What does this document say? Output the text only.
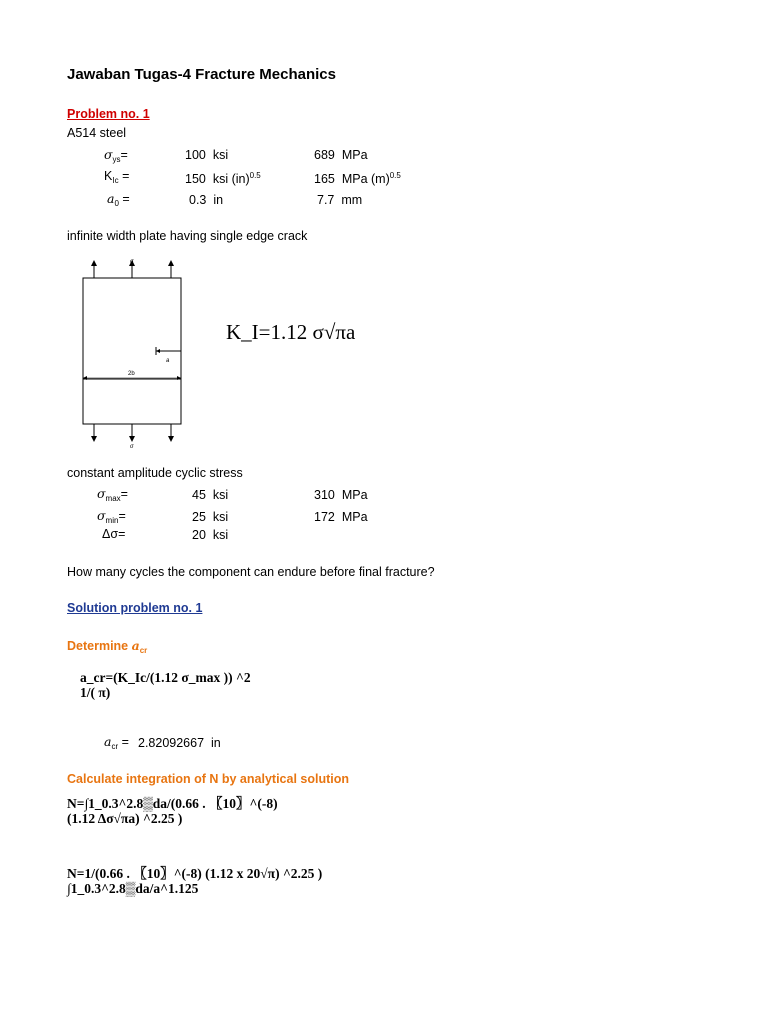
Jawaban Tugas-4 Fracture Mechanics
Problem no. 1
A514 steel
$\sigma_{ys}=$	100 ksi	689 MPa
$K_{Ic}$ =	150 ksi (in)$^{0.5}$	165 MPa $(m)^{0.5}$
$a_0$ =	0.3 in	7.7 mm
infinite width plate having single edge crack
σ
σ
a
2b
K_I=1.12 σ√πa
constant amplitude cyclic stress
$\sigma_{max}=$	45 ksi	310 MPa
$\sigma_{min}=$	25 ksi	172 MPa
Δσ=	20 ksi
How many cycles the component can endure before final fracture?
Solution problem no. 1
Determine $a_{cr}$
a_cr=(K_Ic/(1.12 σ_max )) ^2
1/( π)
$a_{cr} = 2.82092667$ in
Calculate integration of N by analytical solution
N=∫1_0.3^2.8▒da/(0.66 . 〖10〗^(-8)
(1.12 Δσ√πa) ^2.25 )
N=1/(0.66 . 〖10〗^(-8) (1.12 x 20√π) ^2.25 )
∫1_0.3^2.8▒da/a^1.125
